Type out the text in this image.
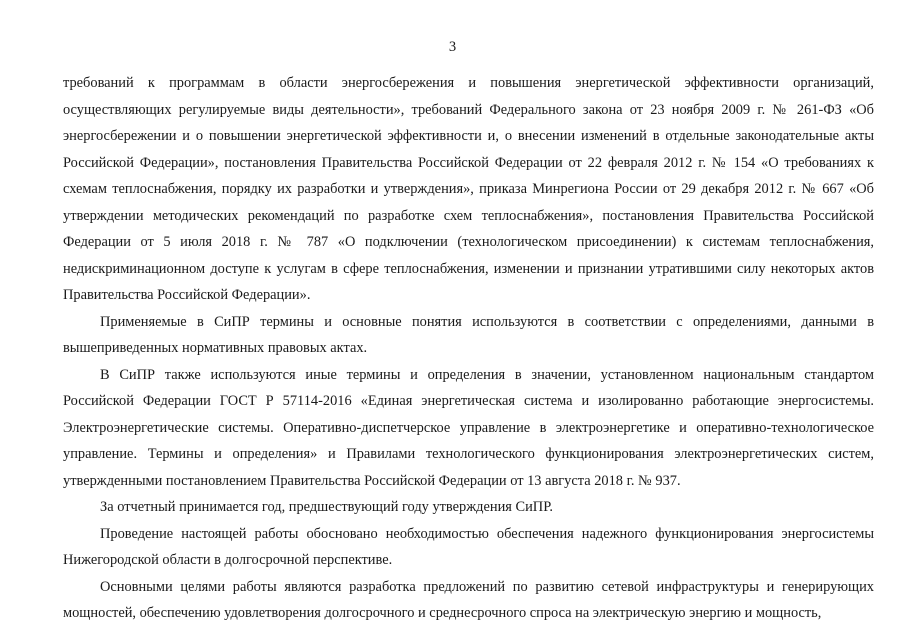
3

требований к программам в области энергосбережения и повышения энергетической эффективности организаций, осуществляющих регулируемые виды деятельности», требований Федерального закона от 23 ноября 2009 г. № 261-ФЗ «Об энергосбережении и о повышении энергетической эффективности и, о внесении изменений в отдельные законодательные акты Российской Федерации», постановления Правительства Российской Федерации от 22 февраля 2012 г. № 154 «О требованиях к схемам теплоснабжения, порядку их разработки и утверждения», приказа Минрегиона России от 29 декабря 2012 г. № 667 «Об утверждении методических рекомендаций по разработке схем теплоснабжения», постановления Правительства Российской Федерации от 5 июля 2018 г. № 787 «О подключении (технологическом присоединении) к системам теплоснабжения, недискриминационном доступе к услугам в сфере теплоснабжения, изменении и признании утратившими силу некоторых актов Правительства Российской Федерации».

Применяемые в СиПР термины и основные понятия используются в соответствии с определениями, данными в вышеприведенных нормативных правовых актах.

В СиПР также используются иные термины и определения в значении, установленном национальным стандартом Российской Федерации ГОСТ Р 57114-2016 «Единая энергетическая система и изолированно работающие энергосистемы. Электроэнергетические системы. Оперативно-диспетчерское управление в электроэнергетике и оперативно-технологическое управление. Термины и определения» и Правилами технологического функционирования электроэнергетических систем, утвержденными постановлением Правительства Российской Федерации от 13 августа 2018 г. № 937.

За отчетный принимается год, предшествующий году утверждения СиПР.

Проведение настоящей работы обосновано необходимостью обеспечения надежного функционирования энергосистемы Нижегородской области в долгосрочной перспективе.

Основными целями работы являются разработка предложений по развитию сетевой инфраструктуры и генерирующих мощностей, обеспечению удовлетворения долгосрочного и среднесрочного спроса на электрическую энергию и мощность,
